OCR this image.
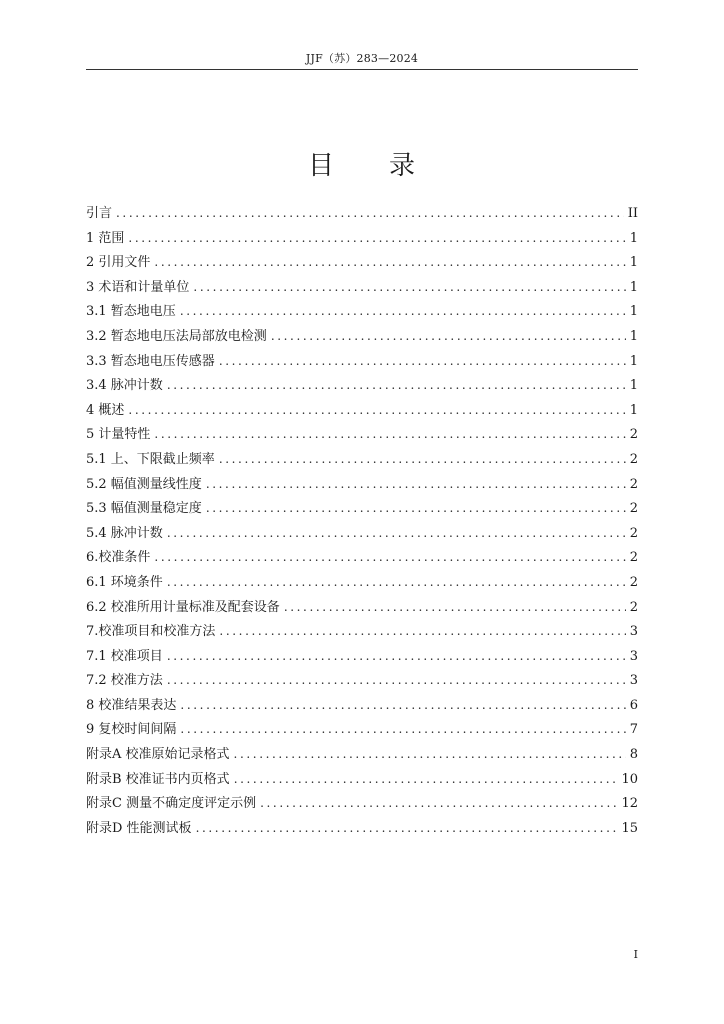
JJF（苏）283—2024
目 录
引言 .....	II
1 范围 .....	1
2 引用文件 .....	1
3 术语和计量单位 .....	1
3.1 暂态地电压 .....	1
3.2 暂态地电压法局部放电检测 .....	1
3.3 暂态地电压传感器 .....	1
3.4 脉冲计数 .....	1
4 概述 .....	1
5 计量特性 .....	2
5.1 上、下限截止频率 .....	2
5.2 幅值测量线性度 .....	2
5.3 幅值测量稳定度 .....	2
5.4 脉冲计数 .....	2
6.校准条件 .....	2
6.1 环境条件 .....	2
6.2 校准所用计量标准及配套设备 .....	2
7.校准项目和校准方法 .....	3
7.1 校准项目 .....	3
7.2 校准方法 .....	3
8 校准结果表达 .....	6
9 复校时间间隔 .....	7
附录A 校准原始记录格式 .....	8
附录B 校准证书内页格式 .....	10
附录C 测量不确定度评定示例 .....	12
附录D 性能测试板 .....	15
I
